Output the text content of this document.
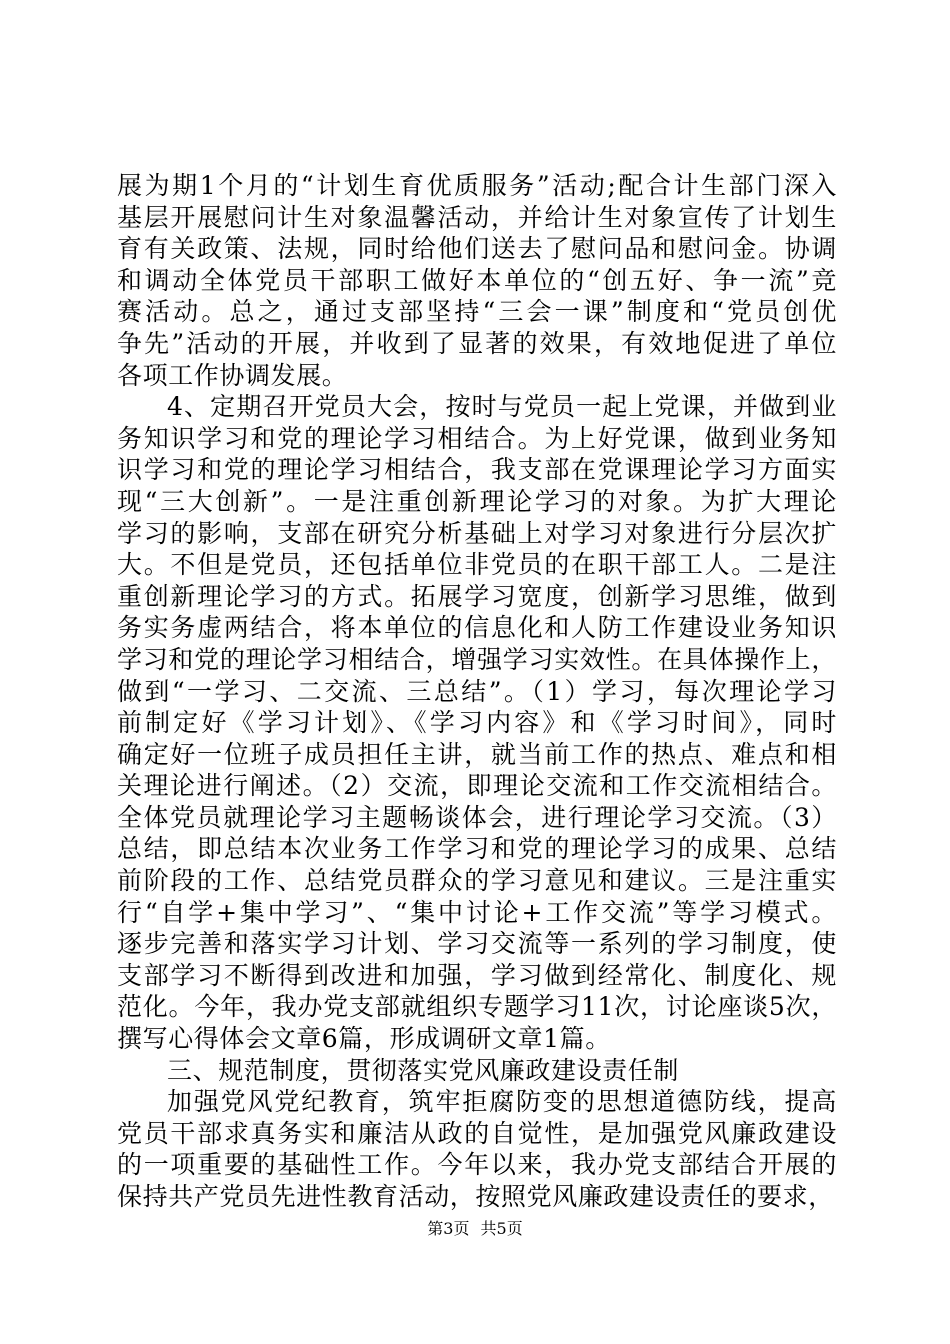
展为期1个月的“计划生育优质服务”活动;配合计生部门深入
基层开展慰问计生对象温馨活动，并给计生对象宣传了计划生
育有关政策、法规，同时给他们送去了慰问品和慰问金。协调
和调动全体党员干部职工做好本单位的“创五好、争一流”竞
赛活动。总之，通过支部坚持“三会一课”制度和“党员创优
争先”活动的开展，并收到了显著的效果，有效地促进了单位
各项工作协调发展。
4、定期召开党员大会，按时与党员一起上党课，并做到业
务知识学习和党的理论学习相结合。为上好党课，做到业务知
识学习和党的理论学习相结合，我支部在党课理论学习方面实
现“三大创新”。一是注重创新理论学习的对象。为扩大理论
学习的影响，支部在研究分析基础上对学习对象进行分层次扩
大。不但是党员，还包括单位非党员的在职干部工人。二是注
重创新理论学习的方式。拓展学习宽度，创新学习思维，做到
务实务虚两结合，将本单位的信息化和人防工作建设业务知识
学习和党的理论学习相结合，增强学习实效性。在具体操作上，
做到“一学习、二交流、三总结”。（1）学习，每次理论学习
前制定好《学习计划》、《学习内容》和《学习时间》，同时
确定好一位班子成员担任主讲，就当前工作的热点、难点和相
关理论进行阐述。（2）交流，即理论交流和工作交流相结合。
全体党员就理论学习主题畅谈体会，进行理论学习交流。（3）
总结，即总结本次业务工作学习和党的理论学习的成果、总结
前阶段的工作、总结党员群众的学习意见和建议。三是注重实
行“自学+集中学习”、“集中讨论+工作交流”等学习模式。
逐步完善和落实学习计划、学习交流等一系列的学习制度，使
支部学习不断得到改进和加强，学习做到经常化、制度化、规
范化。今年，我办党支部就组织专题学习11次，讨论座谈5次，
撰写心得体会文章6篇，形成调研文章1篇。
三、规范制度，贯彻落实党风廉政建设责任制
加强党风党纪教育，筑牢拒腐防变的思想道德防线，提高
党员干部求真务实和廉洁从政的自觉性，是加强党风廉政建设
的一项重要的基础性工作。今年以来，我办党支部结合开展的
保持共产党员先进性教育活动，按照党风廉政建设责任的要求，
第3页 共5页
